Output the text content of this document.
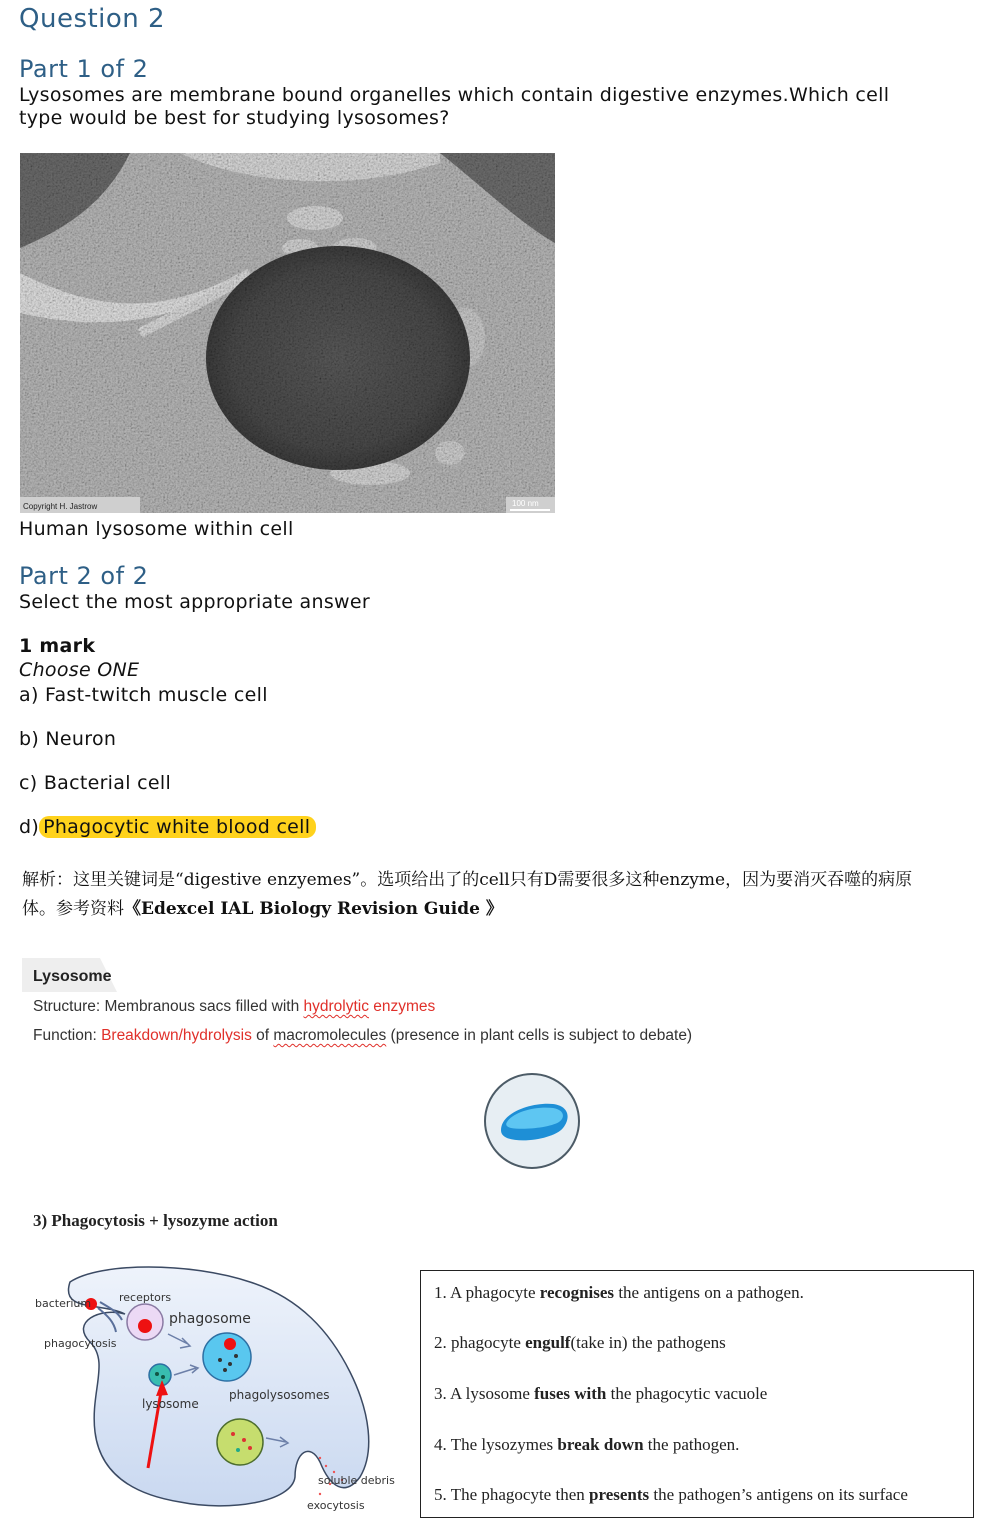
Question 2
Part 1 of 2
Lysosomes are membrane bound organelles which contain digestive enzymes.Which cell
type would be best for studying lysosomes?
Copyright H. Jastrow	100 nm
Human lysosome within cell
Part 2 of 2
Select the most appropriate answer
1 mark
Choose ONE
a) Fast-twitch muscle cell
b) Neuron
c) Bacterial cell
d) Phagocytic white blood cell
解析：这里关键词是“digestive enzyemes”。选项给出了的cell只有D需要很多这种enzyme，因为要消灭吞噬的病原
体。参考资料《Edexcel IAL Biology Revision Guide 》
Lysosome
Structure: Membranous sacs filled with hydrolytic enzymes
Function: Breakdown/hydrolysis of macromolecules (presence in plant cells is subject to debate)
3) Phagocytosis + lysozyme action
bacterium	receptors
phagosome
phagocytosis
lysosome
phagolysosomes
soluble debris
exocytosis
1. A phagocyte recognises the antigens on a pathogen.
2. phagocyte engulf(take in) the pathogens
3. A lysosome fuses with the phagocytic vacuole
4. The lysozymes break down the pathogen.
5. The phagocyte then presents the pathogen’s antigens on its surface
